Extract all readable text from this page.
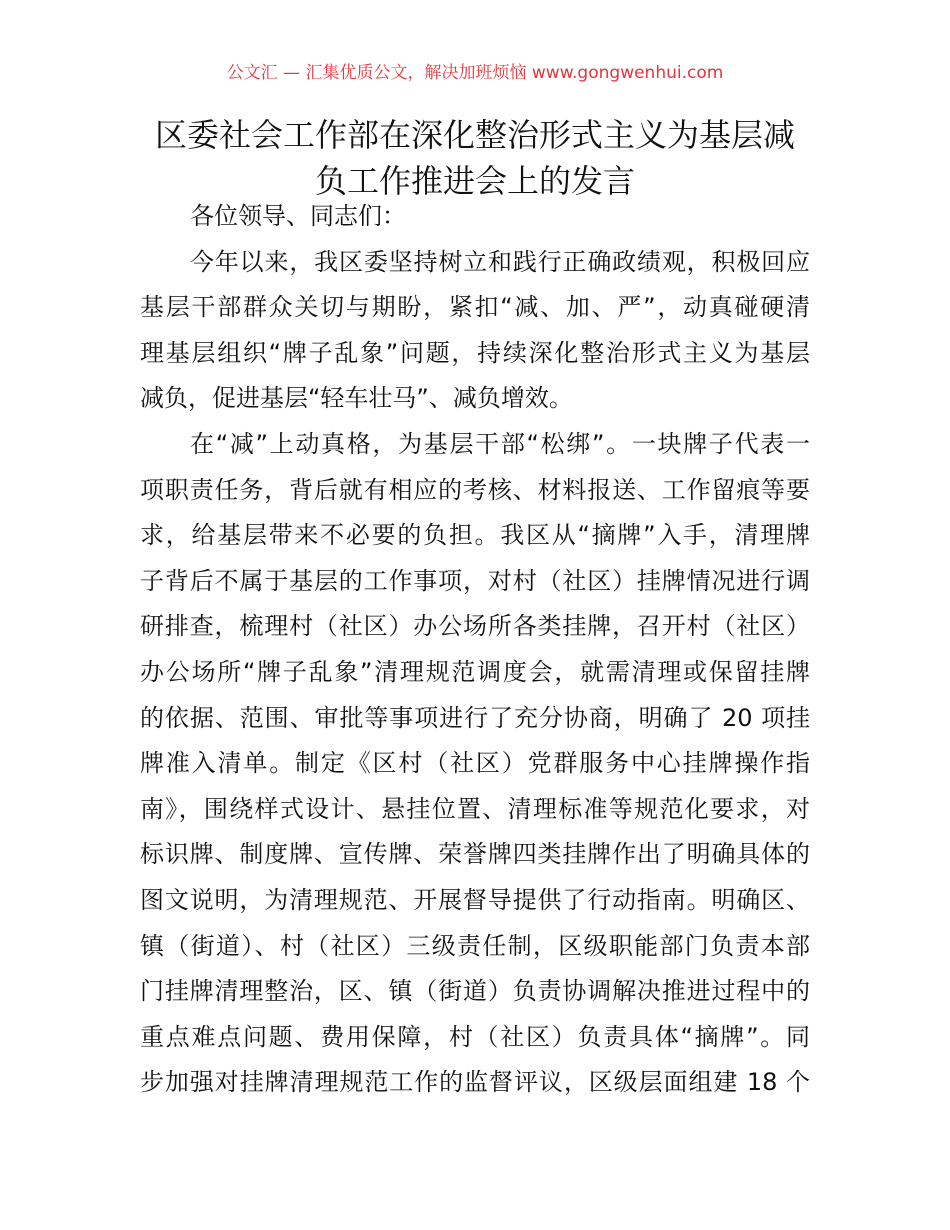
公文汇 — 汇集优质公文，解决加班烦恼 www.gongwenhui.com
区委社会工作部在深化整治形式主义为基层减
负工作推进会上的发言
各位领导、同志们：
今年以来，我区委坚持树立和践行正确政绩观，积极回应
基层干部群众关切与期盼，紧扣“减、加、严”，动真碰硬清
理基层组织“牌子乱象”问题，持续深化整治形式主义为基层
减负，促进基层“轻车壮马”、减负增效。
在“减”上动真格，为基层干部“松绑”。一块牌子代表一
项职责任务，背后就有相应的考核、材料报送、工作留痕等要
求，给基层带来不必要的负担。我区从“摘牌”入手，清理牌
子背后不属于基层的工作事项，对村（社区）挂牌情况进行调
研排查，梳理村（社区）办公场所各类挂牌，召开村（社区）
办公场所“牌子乱象”清理规范调度会，就需清理或保留挂牌
的依据、范围、审批等事项进行了充分协商，明确了 20 项挂
牌准入清单。制定《区村（社区）党群服务中心挂牌操作指
南》，围绕样式设计、悬挂位置、清理标准等规范化要求，对
标识牌、制度牌、宣传牌、荣誉牌四类挂牌作出了明确具体的
图文说明，为清理规范、开展督导提供了行动指南。明确区、
镇（街道）、村（社区）三级责任制，区级职能部门负责本部
门挂牌清理整治，区、镇（街道）负责协调解决推进过程中的
重点难点问题、费用保障，村（社区）负责具体“摘牌”。同
步加强对挂牌清理规范工作的监督评议，区级层面组建 18 个
